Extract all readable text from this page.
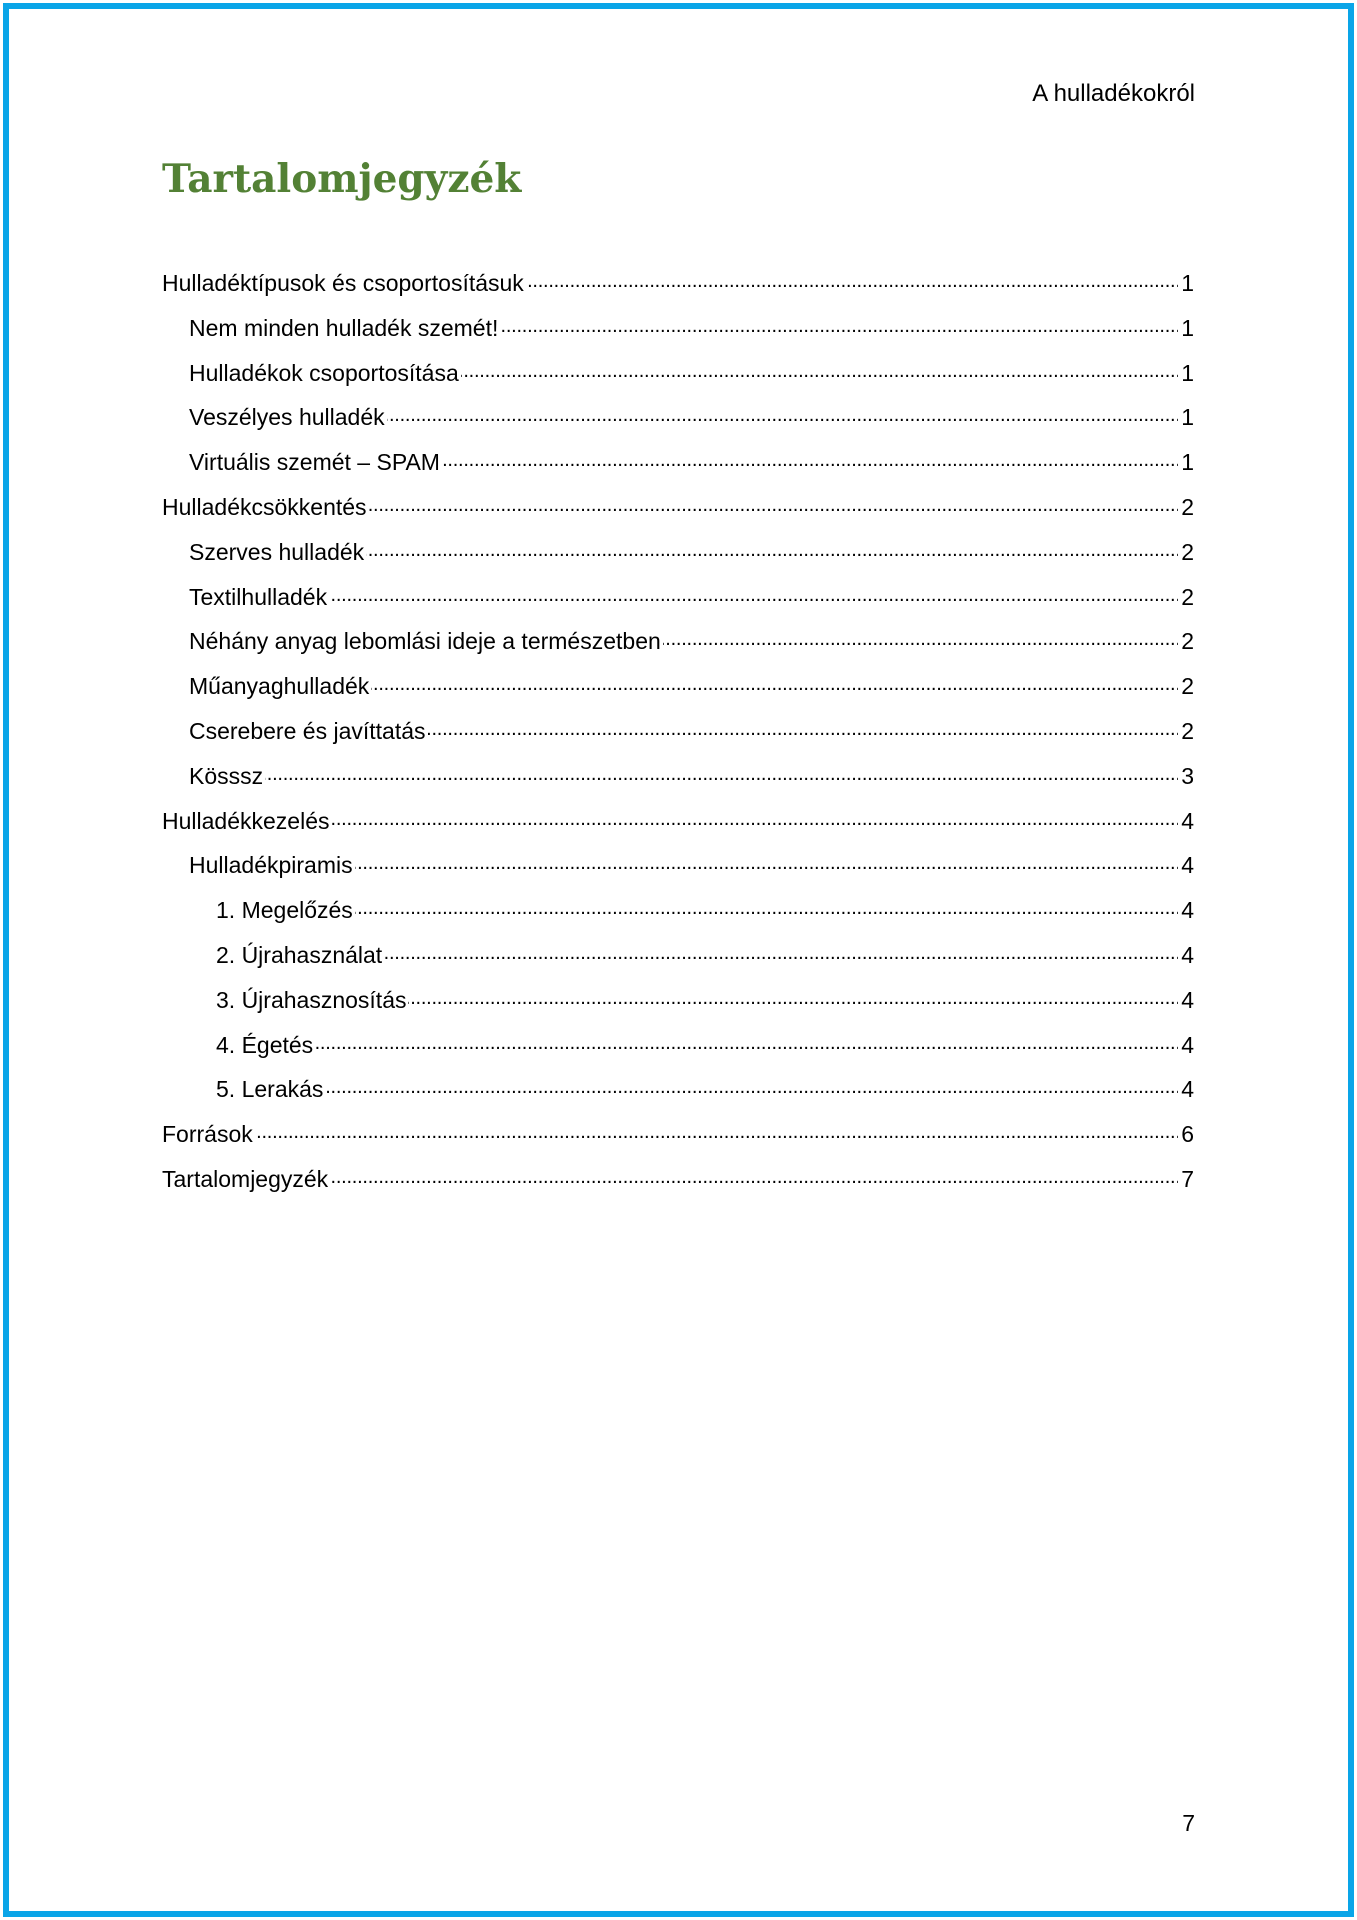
A hulladékokról
Tartalomjegyzék
Hulladéktípusok és csoportosításuk . . .	1
Nem minden hulladék szemét! . . .	1
Hulladékok csoportosítása . . .	1
Veszélyes hulladék . . .	1
Virtuális szemét – SPAM . . .	1
Hulladékcsökkentés . . .	2
Szerves hulladék . . .	2
Textilhulladék . . .	2
Néhány anyag lebomlási ideje a természetben . . .	2
Műanyaghulladék . . .	2
Cserebere és javíttatás . . .	2
Kösssz . . .	3
Hulladékkezelés . . .	4
Hulladékpiramis . . .	4
1. Megelőzés . . .	4
2. Újrahasználat . . .	4
3. Újrahasznosítás . . .	4
4. Égetés . . .	4
5. Lerakás . . .	4
Források . . .	6
Tartalomjegyzék . . .	7
7
